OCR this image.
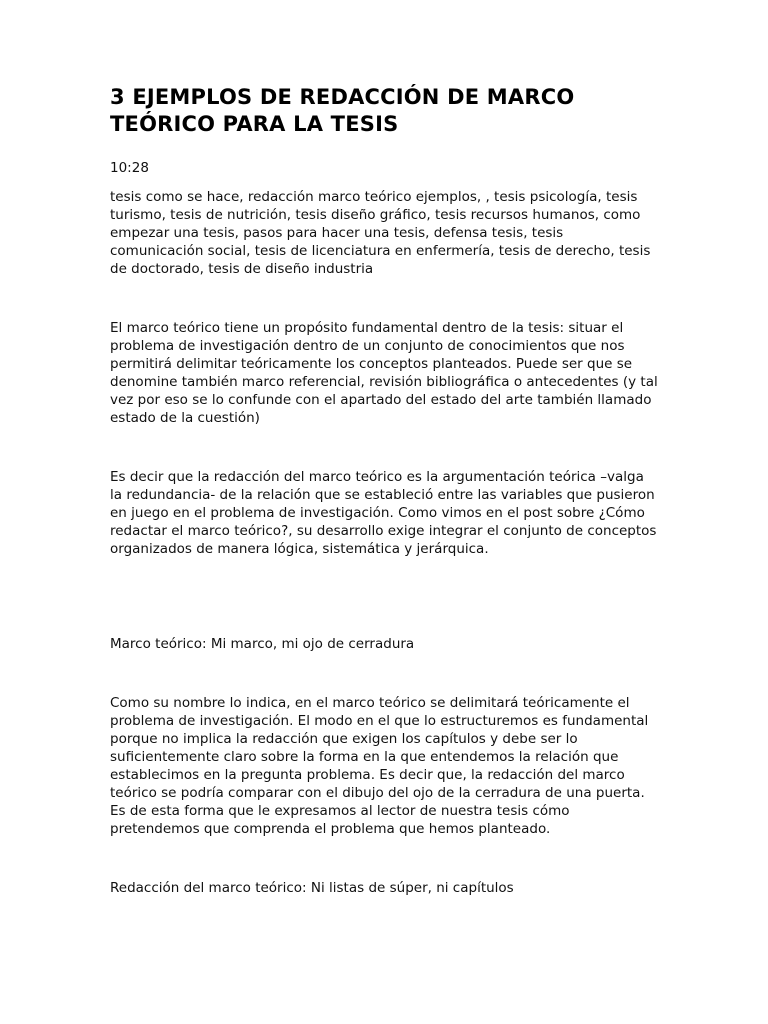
3 EJEMPLOS DE REDACCIÓN DE MARCO TEÓRICO PARA LA TESIS
10:28

tesis como se hace, redacción marco teórico ejemplos, , tesis psicología, tesis turismo, tesis de nutrición, tesis diseño gráfico, tesis recursos humanos, como empezar una tesis, pasos para hacer una tesis, defensa tesis, tesis comunicación social, tesis de licenciatura en enfermería, tesis de derecho, tesis de doctorado, tesis de diseño industria

El marco teórico tiene un propósito fundamental dentro de la tesis: situar el problema de investigación dentro de un conjunto de conocimientos que nos permitirá delimitar teóricamente los conceptos planteados. Puede ser que se denomine también marco referencial, revisión bibliográfica o antecedentes (y tal vez por eso se lo confunde con el apartado del estado del arte también llamado estado de la cuestión)

Es decir que la redacción del marco teórico es la argumentación teórica –valga la redundancia- de la relación que se estableció entre las variables que pusieron en juego en el problema de investigación. Como vimos en el post sobre ¿Cómo redactar el marco teórico?, su desarrollo exige integrar el conjunto de conceptos organizados de manera lógica, sistemática y jerárquica.

Marco teórico: Mi marco, mi ojo de cerradura

Como su nombre lo indica, en el marco teórico se delimitará teóricamente el problema de investigación. El modo en el que lo estructuremos es fundamental porque no implica la redacción que exigen los capítulos y debe ser lo suficientemente claro sobre la forma en la que entendemos la relación que establecimos en la pregunta problema. Es decir que, la redacción del marco teórico se podría comparar con el dibujo del ojo de la cerradura de una puerta. Es de esta forma que le expresamos al lector de nuestra tesis cómo pretendemos que comprenda el problema que hemos planteado.

Redacción del marco teórico: Ni listas de súper, ni capítulos
